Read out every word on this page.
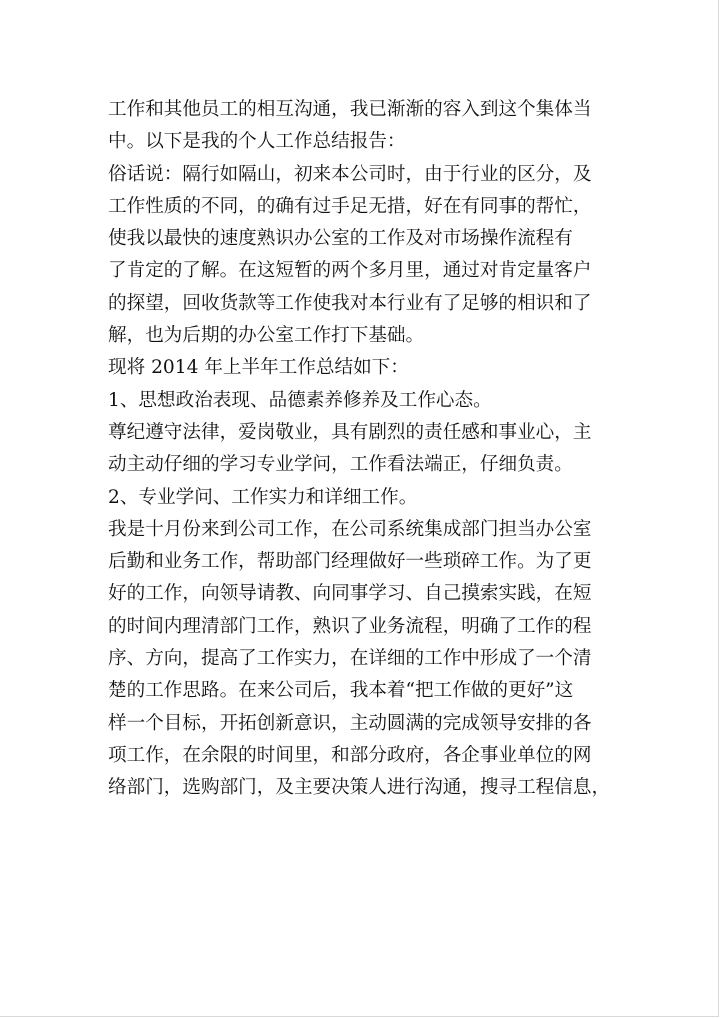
工作和其他员工的相互沟通，我已渐渐的容入到这个集体当
中。以下是我的个人工作总结报告：
俗话说：隔行如隔山，初来本公司时，由于行业的区分，及
工作性质的不同，的确有过手足无措，好在有同事的帮忙，
使我以最快的速度熟识办公室的工作及对市场操作流程有
了肯定的了解。在这短暂的两个多月里，通过对肯定量客户
的探望，回收货款等工作使我对本行业有了足够的相识和了
解，也为后期的办公室工作打下基础。
现将 2014 年上半年工作总结如下：
1、思想政治表现、品德素养修养及工作心态。
尊纪遵守法律，爱岗敬业，具有剧烈的责任感和事业心，主
动主动仔细的学习专业学问，工作看法端正，仔细负责。
2、专业学问、工作实力和详细工作。
我是十月份来到公司工作，在公司系统集成部门担当办公室
后勤和业务工作，帮助部门经理做好一些琐碎工作。为了更
好的工作，向领导请教、向同事学习、自己摸索实践，在短
的时间内理清部门工作，熟识了业务流程，明确了工作的程
序、方向，提高了工作实力，在详细的工作中形成了一个清
楚的工作思路。在来公司后，我本着“把工作做的更好”这
样一个目标，开拓创新意识，主动圆满的完成领导安排的各
项工作，在余限的时间里，和部分政府，各企事业单位的网
络部门，选购部门，及主要决策人进行沟通，搜寻工程信息，
